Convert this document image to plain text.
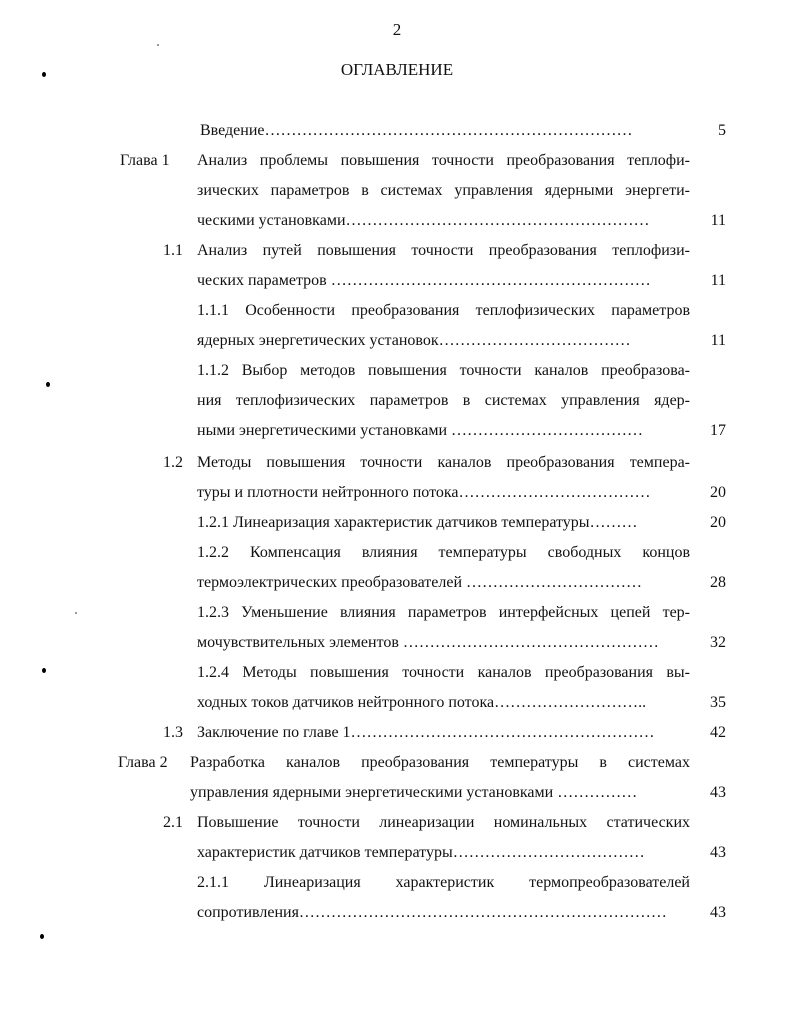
2
ОГЛАВЛЕНИЕ
Введение……………………………………………………………	5
Глава 1 Анализ проблемы повышения точности преобразования теплофи-
зических параметров в системах управления ядерными энергети-
ческими установками…………………………………………………	11
1.1 Анализ путей повышения точности преобразования теплофизи-
ческих параметров ……………………………………………………	11
1.1.1 Особенности преобразования теплофизических параметров
ядерных энергетических установок………………………………	11
1.1.2 Выбор методов повышения точности каналов преобразова-
ния теплофизических параметров в системах управления ядер-
ными энергетическими установками ………………………………	17
1.2 Методы повышения точности каналов преобразования темпера-
туры и плотности нейтронного потока………………………………	20
1.2.1 Линеаризация характеристик датчиков температуры………	20
1.2.2 Компенсация влияния температуры свободных концов
термоэлектрических преобразователей ……………………………	28
1.2.3 Уменьшение влияния параметров интерфейсных цепей тер-
мочувствительных элементов …………………………………………	32
1.2.4 Методы повышения точности каналов преобразования вы-
ходных токов датчиков нейтронного потока………………………..	35
1.3 Заключение по главе 1…………………………………………………	42
Глава 2 Разработка каналов преобразования температуры в системах
управления ядерными энергетическими установками ……………	43
2.1 Повышение точности линеаризации номинальных статических
характеристик датчиков температуры………………………………	43
2.1.1 Линеаризация характеристик термопреобразователей
сопротивления……………………………………………………………	43
